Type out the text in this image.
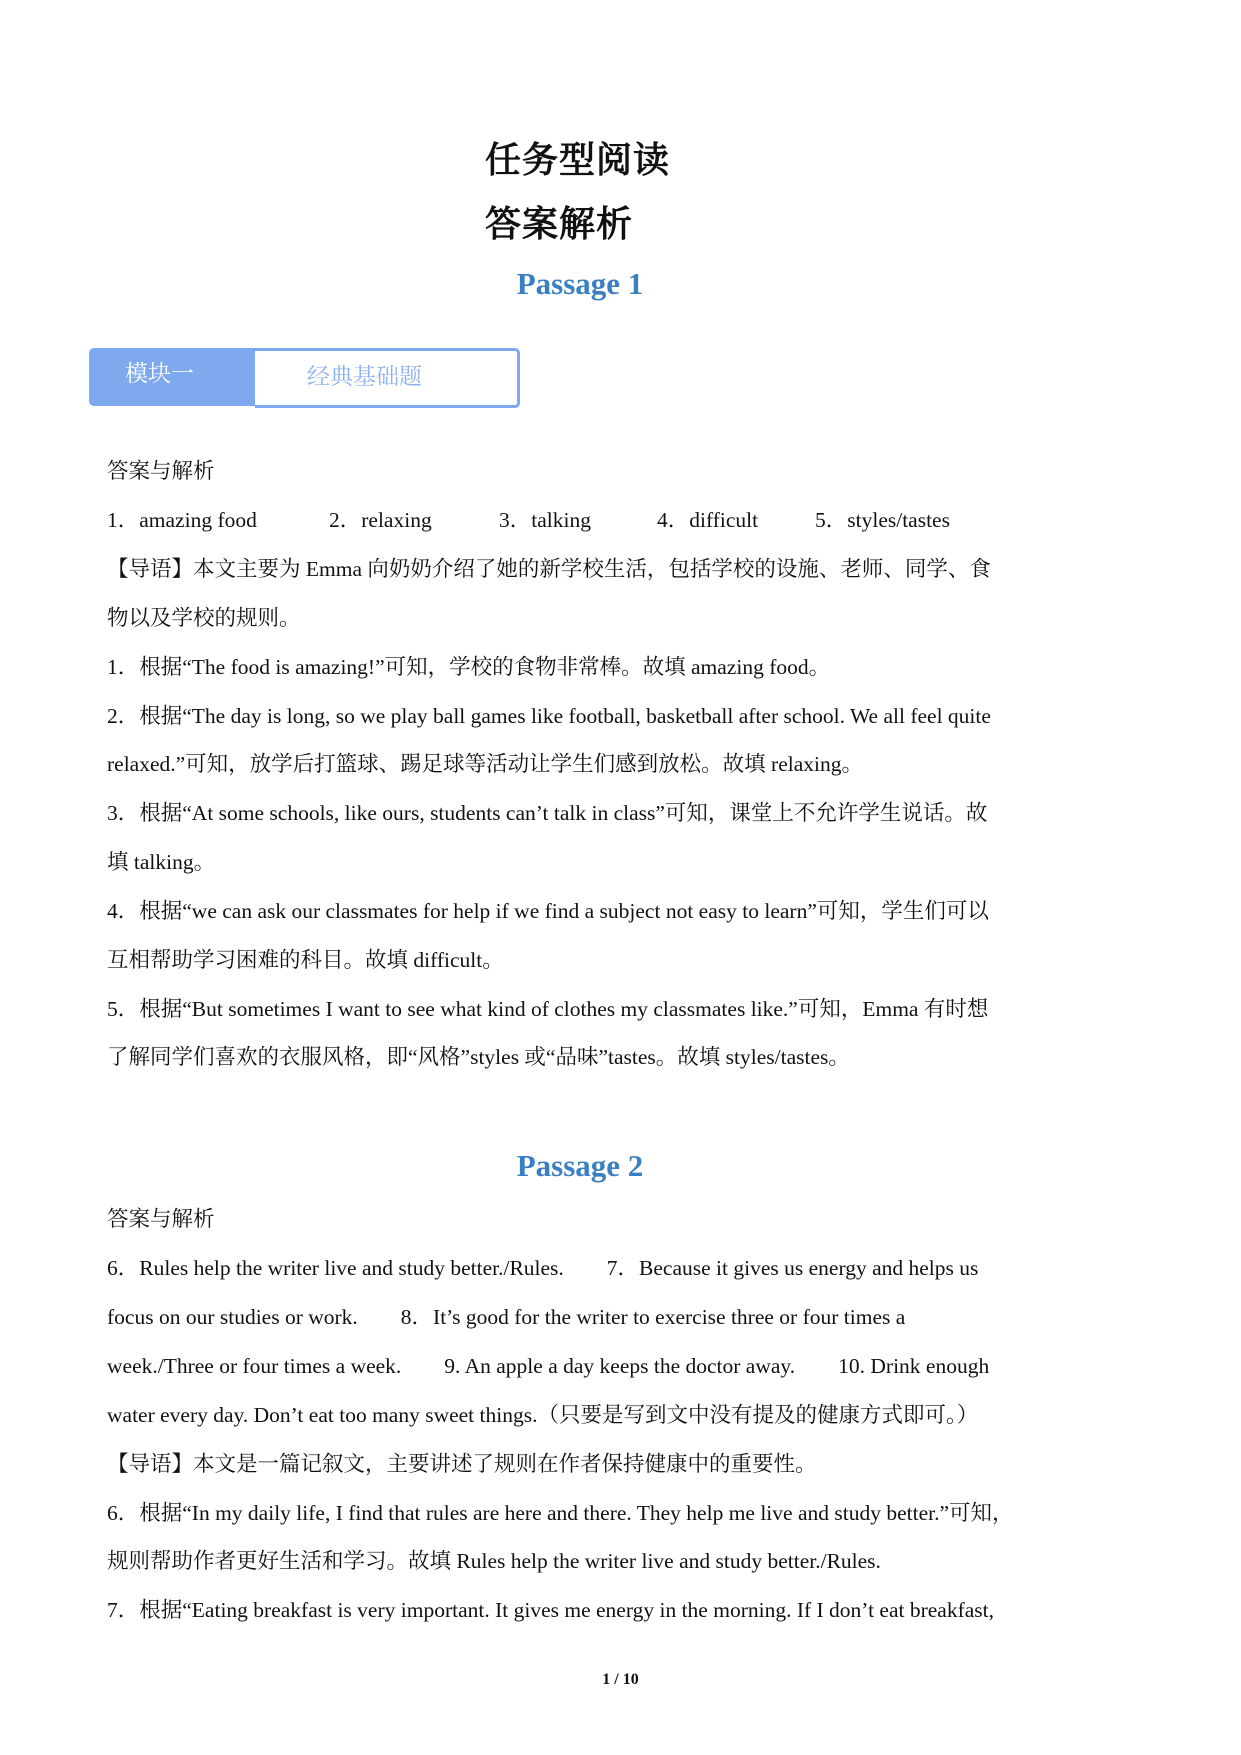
任务型阅读
答案解析
Passage 1
模块一	经典基础题
答案与解析
1．amazing food	2．relaxing	3．talking	4．difficult	5．styles/tastes
【导语】本文主要为 Emma 向奶奶介绍了她的新学校生活，包括学校的设施、老师、同学、食
物以及学校的规则。
1．根据“The food is amazing!”可知，学校的食物非常棒。故填 amazing food。
2．根据“The day is long, so we play ball games like football, basketball after school. We all feel quite
relaxed.”可知，放学后打篮球、踢足球等活动让学生们感到放松。故填 relaxing。
3．根据“At some schools, like ours, students can’t talk in class”可知，课堂上不允许学生说话。故
填 talking。
4．根据“we can ask our classmates for help if we find a subject not easy to learn”可知，学生们可以
互相帮助学习困难的科目。故填 difficult。
5．根据“But sometimes I want to see what kind of clothes my classmates like.”可知，Emma 有时想
了解同学们喜欢的衣服风格，即“风格”styles 或“品味”tastes。故填 styles/tastes。
Passage 2
答案与解析
6．Rules help the writer live and study better./Rules.        7．Because it gives us energy and helps us
focus on our studies or work.        8．It’s good for the writer to exercise three or four times a
week./Three or four times a week.        9. An apple a day keeps the doctor away.        10. Drink enough
water every day. Don’t eat too many sweet things.（只要是写到文中没有提及的健康方式即可。）
【导语】本文是一篇记叙文，主要讲述了规则在作者保持健康中的重要性。
6．根据“In my daily life, I find that rules are here and there. They help me live and study better.”可知，
规则帮助作者更好生活和学习。故填 Rules help the writer live and study better./Rules.
7．根据“Eating breakfast is very important. It gives me energy in the morning. If I don’t eat breakfast,
1 / 10
